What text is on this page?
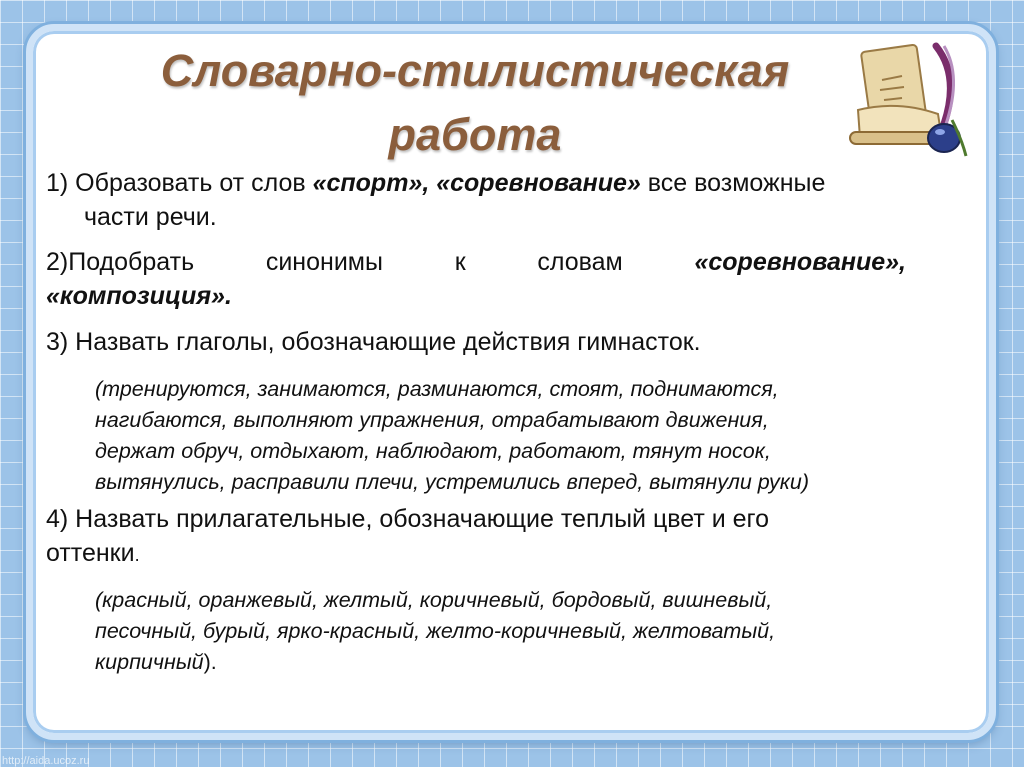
Словарно-стилистическая
работа
1) Образовать от слов «спорт», «соревнование» все возможные
части речи.
2)Подобрать	синонимы	к	словам	«соревнование»,
«композиция».
3) Назвать глаголы, обозначающие действия гимнасток.
(тренируются, занимаются, разминаются, стоят, поднимаются,
нагибаются, выполняют упражнения, отрабатывают движения,
держат обруч, отдыхают, наблюдают, работают, тянут носок,
вытянулись, расправили плечи, устремились вперед, вытянули руки)
4) Назвать прилагательные, обозначающие теплый цвет и его
оттенки.
(красный, оранжевый, желтый, коричневый, бордовый, вишневый,
песочный, бурый, ярко-красный, желто-коричневый, желтоватый,
кирпичный).
http://aida.ucoz.ru
